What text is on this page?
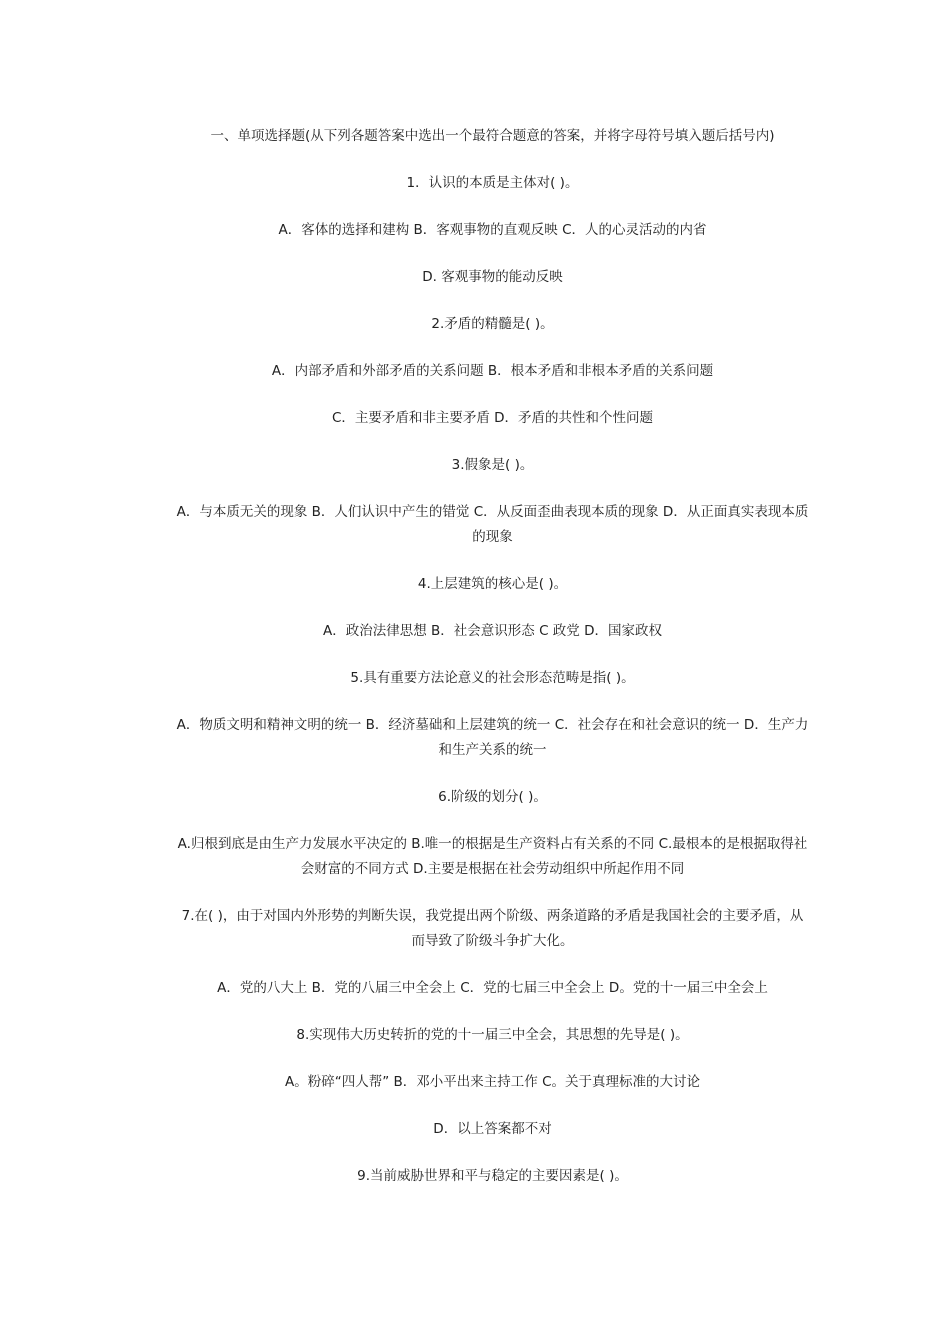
一、单项选择题(从下列各题答案中选出一个最符合题意的答案，并将字母符号填入题后括号内)

1．认识的本质是主体对( )。

A．客体的选择和建构 B．客观事物的直观反映 C．人的心灵活动的内省

D. 客观事物的能动反映

2.矛盾的精髓是( )。

A．内部矛盾和外部矛盾的关系问题 B．根本矛盾和非根本矛盾的关系问题

C．主要矛盾和非主要矛盾 D．矛盾的共性和个性问题

3.假象是( )。

A．与本质无关的现象 B．人们认识中产生的错觉 C．从反面歪曲表现本质的现象 D．从正面真实表现本质的现象

4.上层建筑的核心是( )。

A．政治法律思想 B．社会意识形态 C 政党 D．国家政权

5.具有重要方法论意义的社会形态范畴是指( )。

A．物质文明和精神文明的统一 B．经济墓础和上层建筑的统一 C．社会存在和社会意识的统一 D．生产力和生产关系的统一

6.阶级的划分( )。

A.归根到底是由生产力发展水平决定的 B.唯一的根据是生产资料占有关系的不同 C.最根本的是根据取得社会财富的不同方式 D.主要是根据在社会劳动组织中所起作用不同

7.在( )，由于对国内外形势的判断失误，我党提出两个阶级、两条道路的矛盾是我国社会的主要矛盾，从而导致了阶级斗争扩大化。

A．党的八大上 B．党的八届三中全会上 C．党的七届三中全会上 D。党的十一届三中全会上

8.实现伟大历史转折的党的十一届三中全会，其思想的先导是( )。

A。粉碎“四人帮” B．邓小平出来主持工作 C。关于真理标准的大讨论

D．以上答案都不对

9.当前威胁世界和平与稳定的主要因素是( )。
